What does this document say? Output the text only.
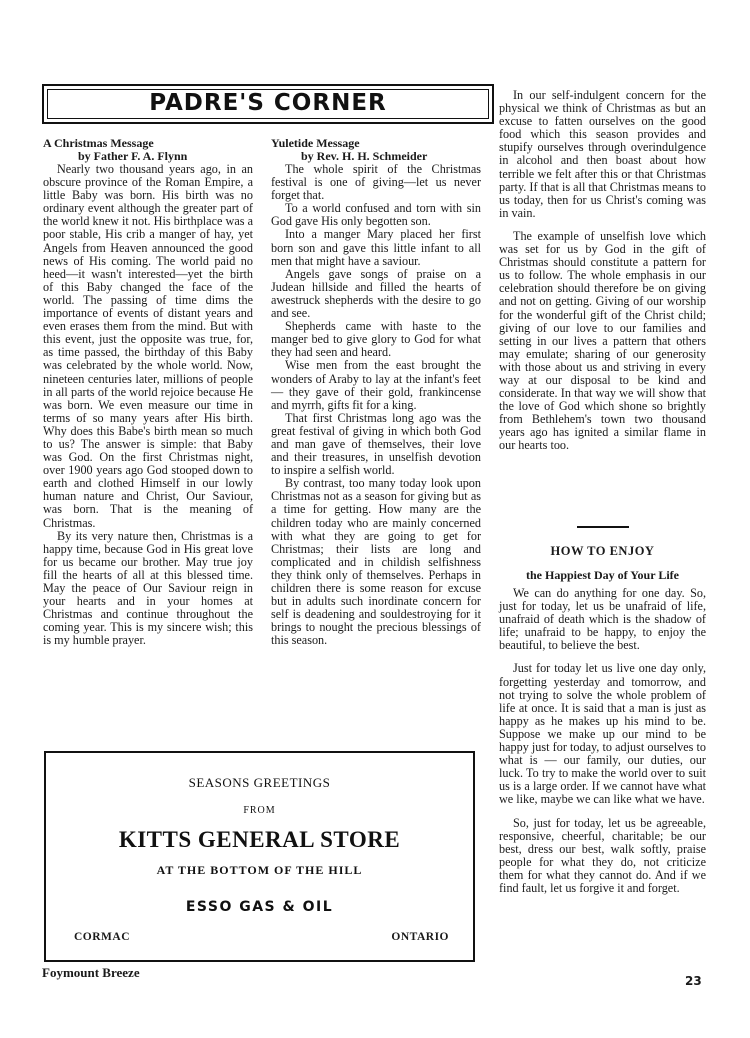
PADRE'S CORNER
A Christmas Message
by Father F. A. Flynn

Nearly two thousand years ago, in an obscure province of the Roman Empire, a little Baby was born. His birth was no ordinary event although the greater part of the world knew it not. His birthplace was a poor stable, His crib a manger of hay, yet Angels from Heaven announced the good news of His coming. The world paid no heed—it wasn't interested—yet the birth of this Baby changed the face of the world. The passing of time dims the importance of events of distant years and even erases them from the mind. But with this event, just the opposite was true, for, as time passed, the birthday of this Baby was celebrated by the whole world. Now, nineteen centuries later, millions of people in all parts of the world rejoice because He was born. We even measure our time in terms of so many years after His birth. Why does this Babe's birth mean so much to us? The answer is simple: that Baby was God. On the first Christmas night, over 1900 years ago God stooped down to earth and clothed Himself in our lowly human nature and Christ, Our Saviour, was born. That is the meaning of Christmas.

By its very nature then, Christmas is a happy time, because God in His great love for us became our brother. May true joy fill the hearts of all at this blessed time. May the peace of Our Saviour reign in your hearts and in your homes at Christmas and continue throughout the coming year. This is my sincere wish; this is my humble prayer.

Yuletide Message
by Rev. H. H. Schmeider

The whole spirit of the Christmas festival is one of giving—let us never forget that.

To a world confused and torn with sin God gave His only begotten son.

Into a manger Mary placed her first born son and gave this little infant to all men that might have a saviour.

Angels gave songs of praise on a Judean hillside and filled the hearts of awestruck shepherds with the desire to go and see.

Shepherds came with haste to the manger bed to give glory to God for what they had seen and heard.

Wise men from the east brought the wonders of Araby to lay at the infant's feet — they gave of their gold, frankincense and myrrh, gifts fit for a king.

That first Christmas long ago was the great festival of giving in which both God and man gave of themselves, their love and their treasures, in unselfish devotion to inspire a selfish world.

By contrast, too many today look upon Christmas not as a season for giving but as a time for getting. How many are the children today who are mainly concerned with what they are going to get for Christmas; their lists are long and complicated and in childish selfishness they think only of themselves. Perhaps in children there is some reason for excuse but in adults such inordinate concern for self is deadening and souldestroying for it brings to nought the precious blessings of this season.

In our self-indulgent concern for the physical we think of Christmas as but an excuse to fatten ourselves on the good food which this season provides and stupify ourselves through overindulgence in alcohol and then boast about how terrible we felt after this or that Christmas party. If that is all that Christmas means to us today, then for us Christ's coming was in vain.

The example of unselfish love which was set for us by God in the gift of Christmas should constitute a pattern for us to follow. The whole emphasis in our celebration should therefore be on giving and not on getting. Giving of our worship for the wonderful gift of the Christ child; giving of our love to our families and setting in our lives a pattern that others may emulate; sharing of our generosity with those about us and striving in every way at our disposal to be kind and considerate. In that way we will show that the love of God which shone so brightly from Bethlehem's town two thousand years ago has ignited a similar flame in our hearts too.

HOW TO ENJOY
the Happiest Day of Your Life

We can do anything for one day. So, just for today, let us be unafraid of life, unafraid of death which is the shadow of life; unafraid to be happy, to enjoy the beautiful, to believe the best.

Just for today let us live one day only, forgetting yesterday and tomorrow, and not trying to solve the whole problem of life at once. It is said that a man is just as happy as he makes up his mind to be. Suppose we make up our mind to be happy just for today, to adjust ourselves to what is — our family, our duties, our luck. To try to make the world over to suit us is a large order. If we cannot have what we like, maybe we can like what we have.

So, just for today, let us be agreeable, responsive, cheerful, charitable; be our best, dress our best, walk softly, praise people for what they do, not criticize them for what they cannot do. And if we find fault, let us forgive it and forget.

SEASONS GREETINGS
FROM
KITTS GENERAL STORE
AT THE BOTTOM OF THE HILL
ESSO GAS & OIL
CORMAC	ONTARIO
Foymount Breeze
23
